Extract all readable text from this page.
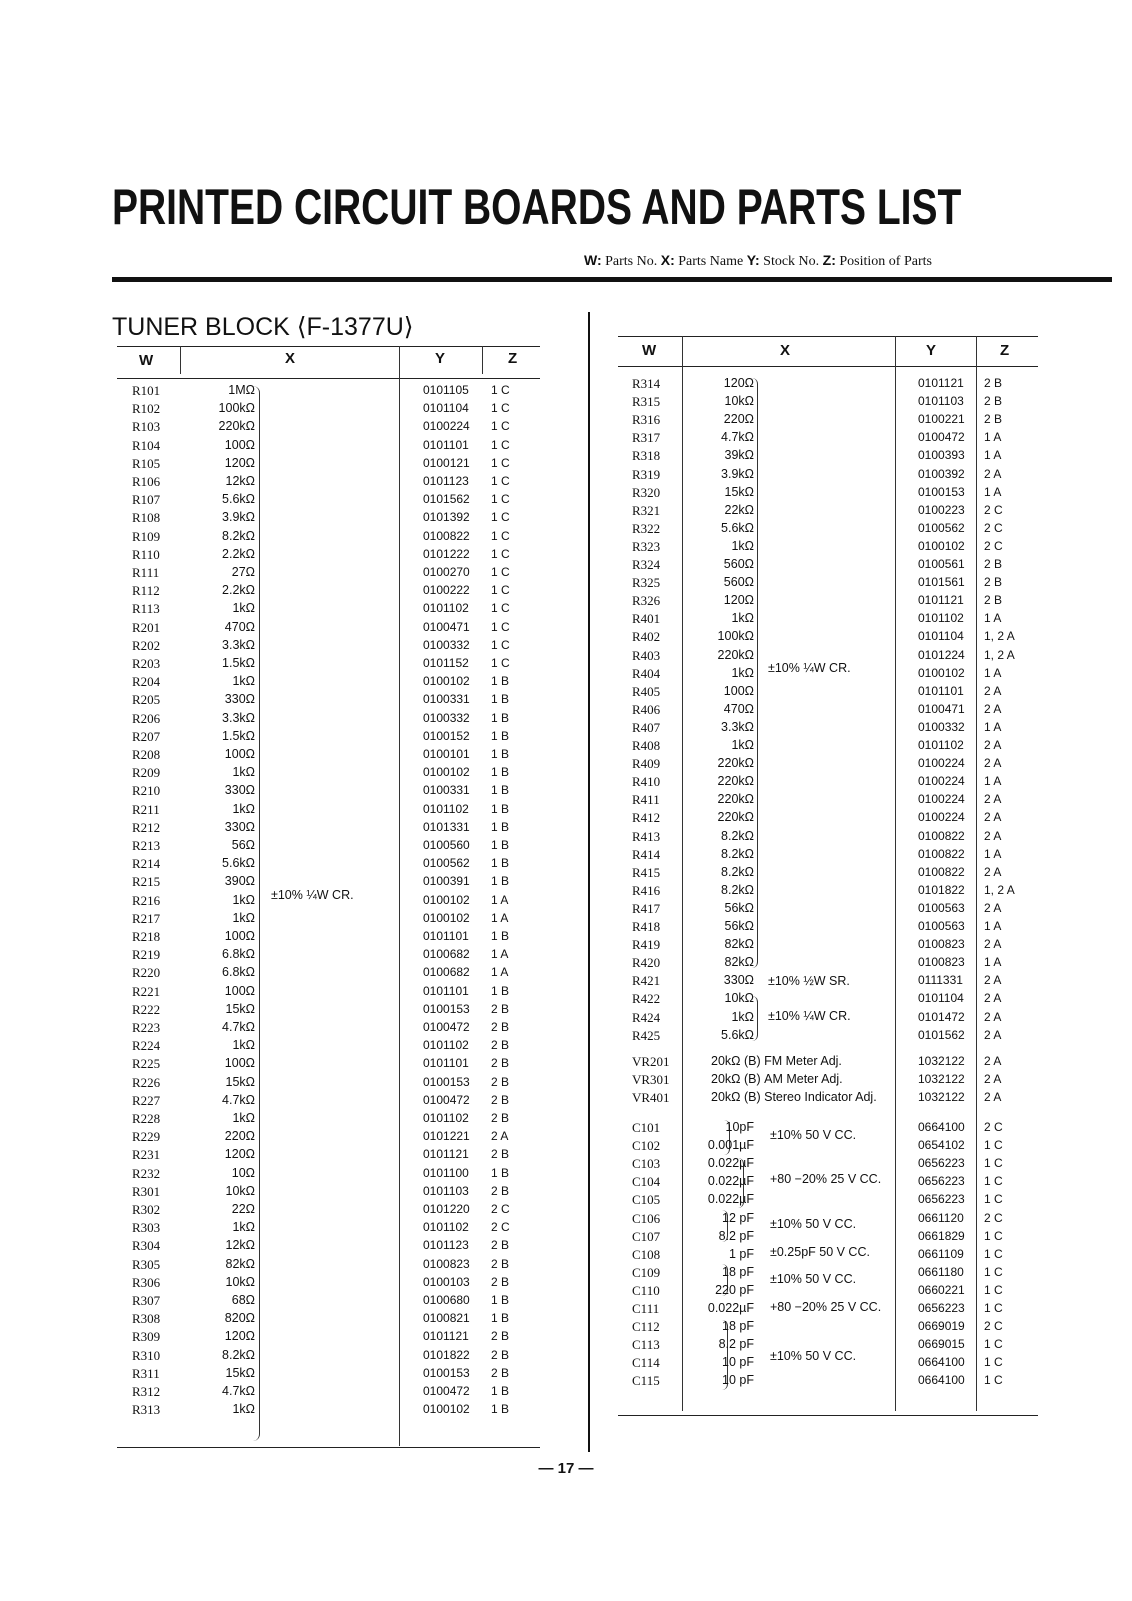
PRINTED CIRCUIT BOARDS AND PARTS LIST
W: Parts No. X: Parts Name Y: Stock No. Z: Position of Parts
TUNER BLOCK ⟨F-1377U⟩
W	X	Y	Z
±10% ¼W CR.
R101	1MΩ	0101105 1 C
R102	100kΩ	0101104 1 C
R103	220kΩ	0100224 1 C
R104	100Ω	0101101 1 C
R105	120Ω	0100121 1 C
R106	12kΩ	0101123 1 C
R107	5.6kΩ	0101562 1 C
R108	3.9kΩ	0101392 1 C
R109	8.2kΩ	0100822 1 C
R110	2.2kΩ	0101222 1 C
R111	27Ω	0100270 1 C
R112	2.2kΩ	0100222 1 C
R113	1kΩ	0101102 1 C
R201	470Ω	0100471 1 C
R202	3.3kΩ	0100332 1 C
R203	1.5kΩ	0101152 1 C
R204	1kΩ	0100102 1 B
R205	330Ω	0100331 1 B
R206	3.3kΩ	0100332 1 B
R207	1.5kΩ	0100152 1 B
R208	100Ω	0100101 1 B
R209	1kΩ	0100102 1 B
R210	330Ω	0100331 1 B
R211	1kΩ	0101102 1 B
R212	330Ω	0101331 1 B
R213	56Ω	0100560 1 B
R214	5.6kΩ	0100562 1 B
R215	390Ω	0100391 1 B
R216	1kΩ	0100102 1 A
R217	1kΩ	0100102 1 A
R218	100Ω	0101101 1 B
R219	6.8kΩ	0100682 1 A
R220	6.8kΩ	0100682 1 A
R221	100Ω	0101101 1 B
R222	15kΩ	0100153 2 B
R223	4.7kΩ	0100472 2 B
R224	1kΩ	0101102 2 B
R225	100Ω	0101101 2 B
R226	15kΩ	0100153 2 B
R227	4.7kΩ	0100472 2 B
R228	1kΩ	0101102 2 B
R229	220Ω	0101221 2 A
R231	120Ω	0101121 2 B
R232	10Ω	0101100 1 B
R301	10kΩ	0101103 2 B
R302	22Ω	0101220 2 C
R303	1kΩ	0101102 2 C
R304	12kΩ	0101123 2 B
R305	82kΩ	0100823 2 B
R306	10kΩ	0100103 2 B
R307	68Ω	0100680 1 B
R308	820Ω	0100821 1 B
R309	120Ω	0101121 2 B
R310	8.2kΩ	0101822 2 B
R311	15kΩ	0100153 2 B
R312	4.7kΩ	0100472 1 B
R313	1kΩ	0100102 1 B
W	X	Y	Z
±10% ¼W CR.
±10% ½W SR.
±10% ¼W CR.
±10% 50 V CC.
+80 −20% 25 V CC.
±10% 50 V CC.
±0.25pF 50 V CC.
±10% 50 V CC.
+80 −20% 25 V CC.
±10% 50 V CC.
R314	120Ω	0101121 2 B
R315	10kΩ	0101103 2 B
R316	220Ω	0100221 2 B
R317	4.7kΩ	0100472 1 A
R318	39kΩ	0100393 1 A
R319	3.9kΩ	0100392 2 A
R320	15kΩ	0100153 1 A
R321	22kΩ	0100223 2 C
R322	5.6kΩ	0100562 2 C
R323	1kΩ	0100102 2 C
R324	560Ω	0100561 2 B
R325	560Ω	0101561 2 B
R326	120Ω	0101121 2 B
R401	1kΩ	0101102 1 A
R402	100kΩ	0101104 1, 2 A
R403	220kΩ	0101224 1, 2 A
R404	1kΩ	0100102 1 A
R405	100Ω	0101101 2 A
R406	470Ω	0100471 2 A
R407	3.3kΩ	0100332 1 A
R408	1kΩ	0101102 2 A
R409	220kΩ	0100224 2 A
R410	220kΩ	0100224 1 A
R411	220kΩ	0100224 2 A
R412	220kΩ	0100224 2 A
R413	8.2kΩ	0100822 2 A
R414	8.2kΩ	0100822 1 A
R415	8.2kΩ	0100822 2 A
R416	8.2kΩ	0101822 1, 2 A
R417	56kΩ	0100563 2 A
R418	56kΩ	0100563 1 A
R419	82kΩ	0100823 2 A
R420	82kΩ	0100823 1 A
R421	330Ω	0111331 2 A
R422	10kΩ	0101104 2 A
R424	1kΩ	0101472 2 A
R425	5.6kΩ	0101562 2 A
VR201	20kΩ (B) FM Meter Adj.	1032122 2 A
VR301	20kΩ (B) AM Meter Adj.	1032122 2 A
VR401	20kΩ (B) Stereo Indicator Adj.	1032122 2 A
C101	10pF	0664100 2 C
C102	0.001µF	0654102 1 C
C103	0.022µF	0656223 1 C
C104	0.022µF	0656223 1 C
C105	0.022µF	0656223 1 C
C106	12 pF	0661120 2 C
C107	8.2 pF	0661829 1 C
C108	1 pF	0661109 1 C
C109	18 pF	0661180 1 C
C110	220 pF	0660221 1 C
C111	0.022µF	0656223 1 C
C112	18 pF	0669019 2 C
C113	8.2 pF	0669015 1 C
C114	10 pF	0664100 1 C
C115	10 pF	0664100 1 C
— 17 —
